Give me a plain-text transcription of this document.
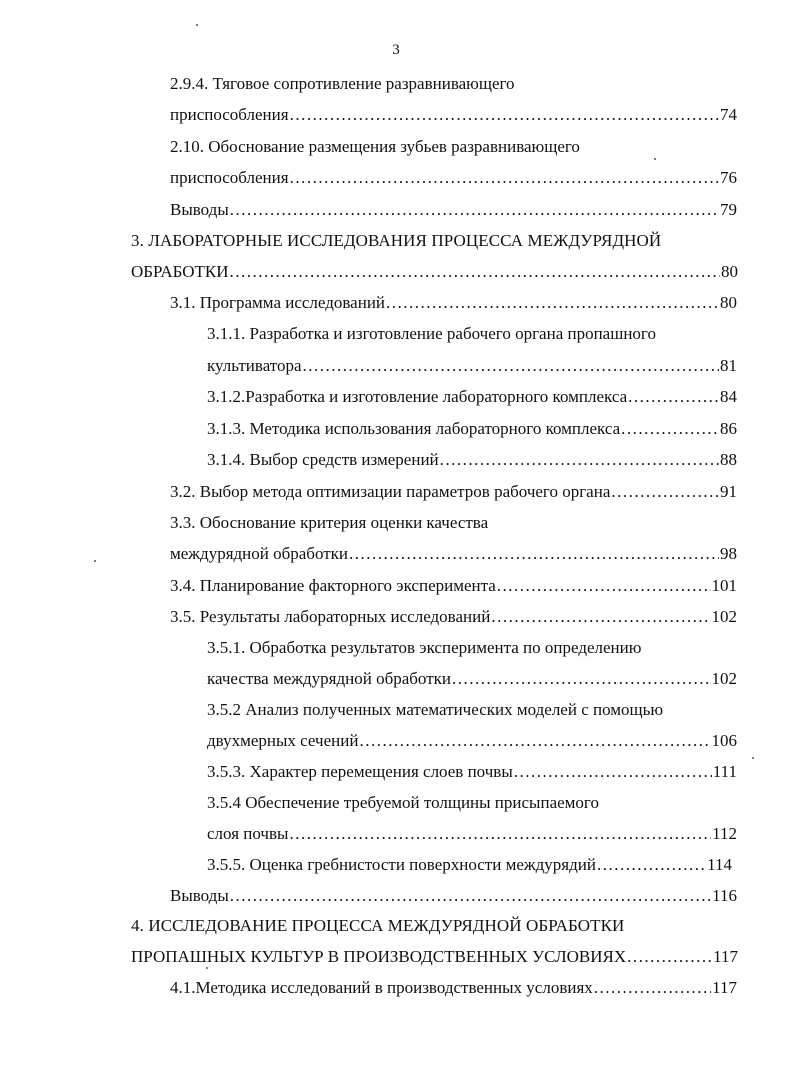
3
2.9.4. Тяговое сопротивление разравнивающего
приспособления .....	74
2.10. Обоснование размещения зубьев разравнивающего
приспособления .....	76
Выводы .....	79
3. ЛАБОРАТОРНЫЕ ИССЛЕДОВАНИЯ ПРОЦЕССА МЕЖДУРЯДНОЙ
ОБРАБОТКИ .....	80
3.1. Программа исследований .....	80
3.1.1. Разработка и изготовление рабочего органа пропашного
культиватора .....	81
3.1.2.Разработка и изготовление лабораторного комплекса .....	84
3.1.3. Методика использования лабораторного комплекса .....	86
3.1.4. Выбор средств измерений .....	88
3.2. Выбор метода оптимизации параметров рабочего органа .....	91
3.3. Обоснование критерия оценки качества
междурядной обработки .....	98
3.4. Планирование факторного эксперимента .....	101
3.5. Результаты лабораторных исследований .....	102
3.5.1. Обработка результатов эксперимента по определению
качества междурядной обработки .....	102
3.5.2 Анализ полученных математических моделей с помощью
двухмерных сечений .....	106
3.5.3. Характер перемещения слоев почвы .....	111
3.5.4 Обеспечение требуемой толщины присыпаемого
слоя почвы .....	112
3.5.5. Оценка гребнистости поверхности междурядий .....	114
Выводы .....	116
4. ИССЛЕДОВАНИЕ ПРОЦЕССА МЕЖДУРЯДНОЙ ОБРАБОТКИ
ПРОПАШНЫХ КУЛЬТУР В ПРОИЗВОДСТВЕННЫХ УСЛОВИЯХ .....	117
4.1.Методика исследований в производственных условиях .....	117
